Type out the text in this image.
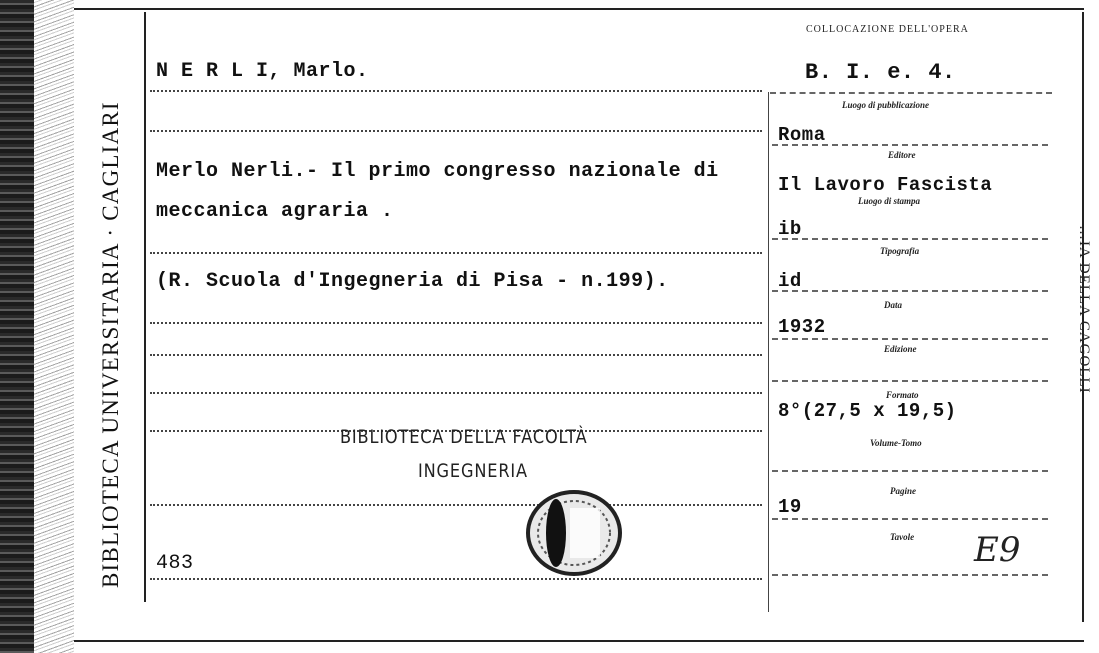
BIBLIOTECA UNIVERSITARIA · CAGLIARI	…IA DELLA CAGOLLI
COLLOCAZIONE DELL'OPERA
N E R L I, Marlo.	B. I. e. 4.
Merlo Nerli.- Il primo congresso nazionale di
meccanica agraria .
(R. Scuola d'Ingegneria di Pisa - n.199).
483
BIBLIOTECA DELLA FACOLTÀ
INGEGNERIA
Luogo di pubblicazione
Roma
Editore
Il Lavoro Fascista
Luogo di stampa
ib
Tipografia
id
Data
1932
Edizione
Formato
8°(27,5 x 19,5)
Volume-Tomo
Pagine
19
Tavole E9
